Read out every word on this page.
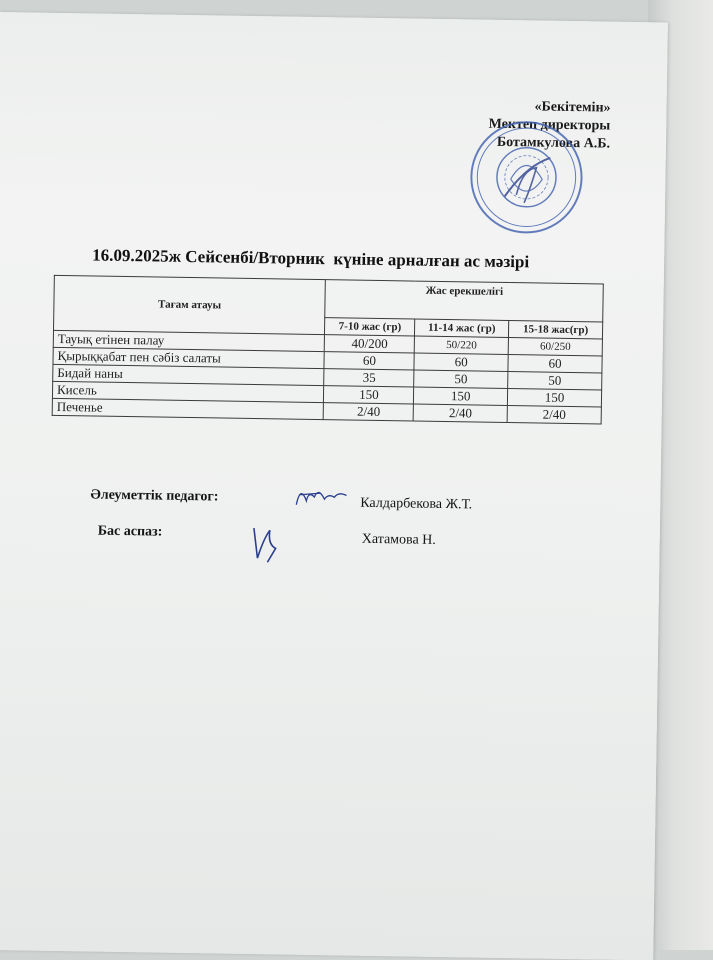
«Бекітемін»
Мектеп директоры
Ботамкулова А.Б.
16.09.2025ж Сейсенбі/Вторник  күніне арналған ас мәзірі
Тағам атауы	Жас ерекшелігі		
	7-10 жас (гр)	11-14 жас (гр)	15-18 жас(гр)
Тауық етінен палау	40/200	50/220	60/250
Қырыққабат пен сәбіз салаты	60	60	60
Бидай наны	35	50	50
Кисель	150	150	150
Печенье	2/40	2/40	2/40
Әлеуметтік педагог:	Калдарбекова Ж.Т.
Бас аспаз:
Хатамова Н.
